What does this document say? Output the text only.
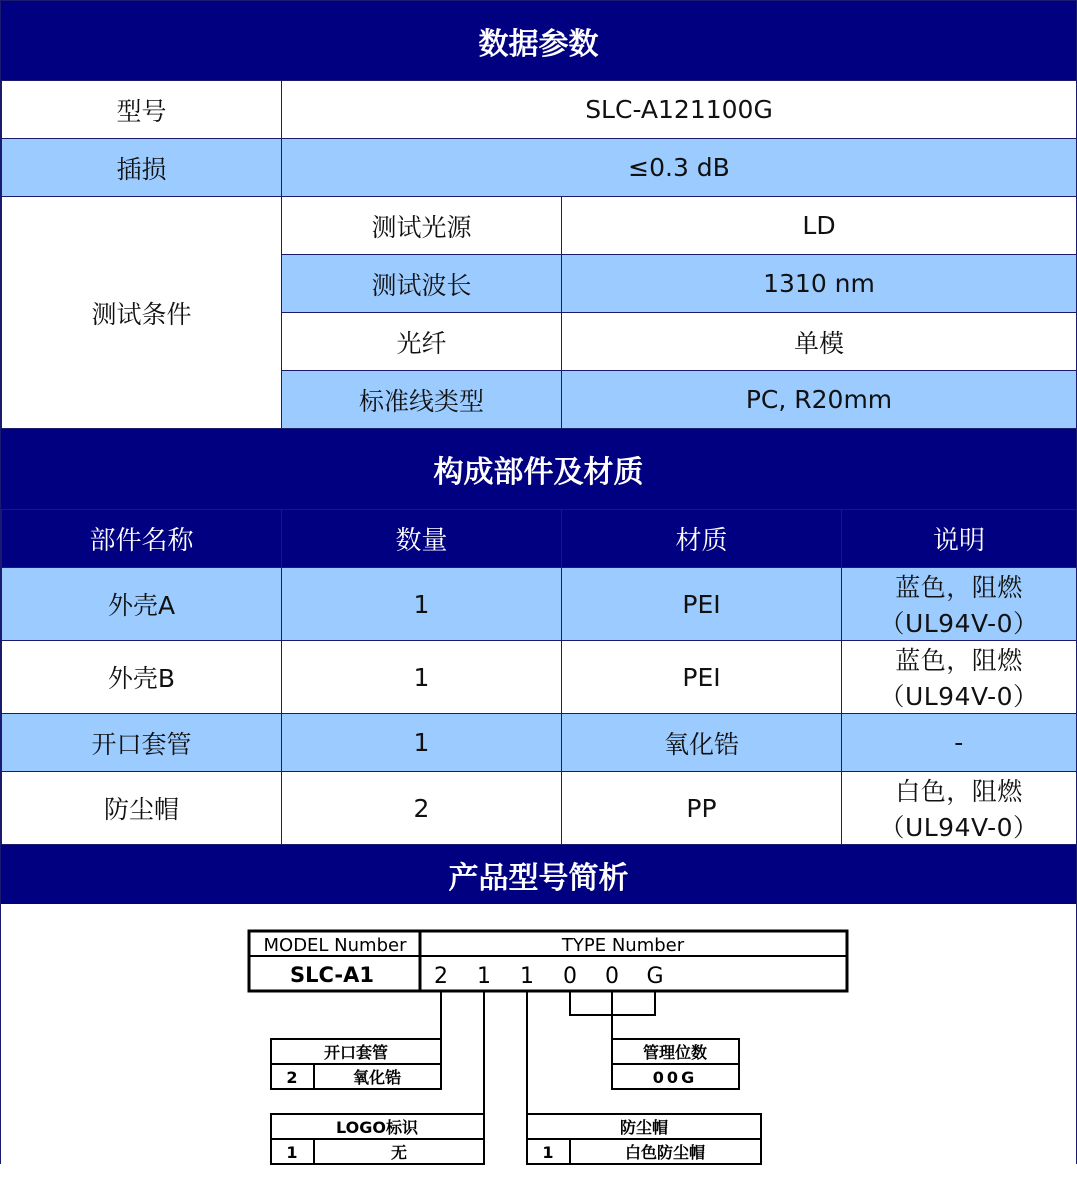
数据参数
型号	SLC-A121100G	
插损	≤0.3 dB	
测试条件	测试光源	LD
	测试波长	1310 nm
	光纤	单模
	标准线类型	PC, R20mm
构成部件及材质
部件名称	数量	材质	说明
外壳A	1	PEI	蓝色，阻燃（UL94V-0）
外壳B	1	PEI	蓝色，阻燃（UL94V-0）
开口套管	1	氧化锆	-
防尘帽	2	PP	白色，阻燃（UL94V-0）
产品型号简析
MODEL Number	TYPE Number
SLC-A1	2 1 1 0 0 G
开口套管
2	氧化锆
管理位数
00G
LOGO标识
1	无
防尘帽
1	白色防尘帽
